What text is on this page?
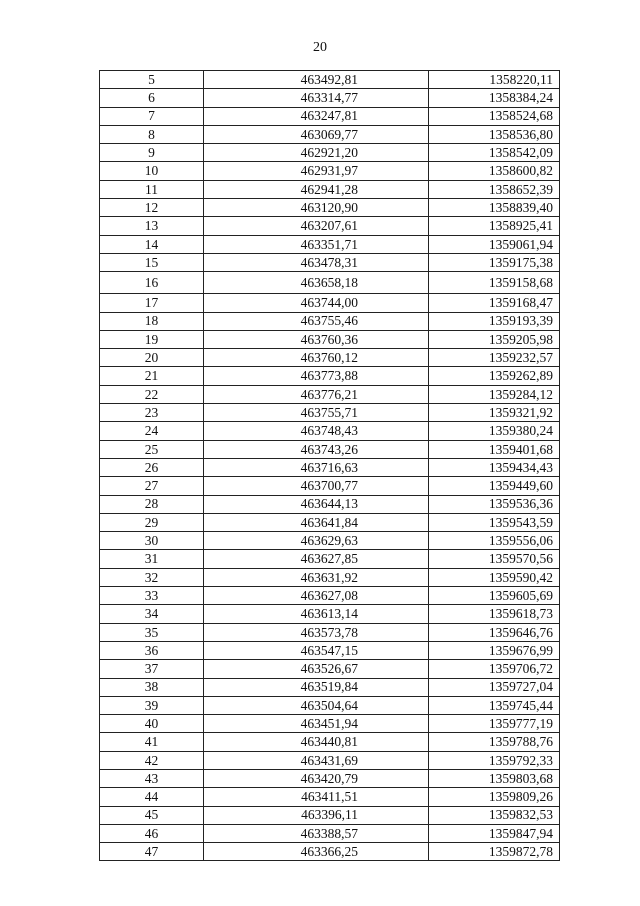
20
5	463492,81	1358220,11
6	463314,77	1358384,24
7	463247,81	1358524,68
8	463069,77	1358536,80
9	462921,20	1358542,09
10	462931,97	1358600,82
11	462941,28	1358652,39
12	463120,90	1358839,40
13	463207,61	1358925,41
14	463351,71	1359061,94
15	463478,31	1359175,38
16	463658,18	1359158,68
17	463744,00	1359168,47
18	463755,46	1359193,39
19	463760,36	1359205,98
20	463760,12	1359232,57
21	463773,88	1359262,89
22	463776,21	1359284,12
23	463755,71	1359321,92
24	463748,43	1359380,24
25	463743,26	1359401,68
26	463716,63	1359434,43
27	463700,77	1359449,60
28	463644,13	1359536,36
29	463641,84	1359543,59
30	463629,63	1359556,06
31	463627,85	1359570,56
32	463631,92	1359590,42
33	463627,08	1359605,69
34	463613,14	1359618,73
35	463573,78	1359646,76
36	463547,15	1359676,99
37	463526,67	1359706,72
38	463519,84	1359727,04
39	463504,64	1359745,44
40	463451,94	1359777,19
41	463440,81	1359788,76
42	463431,69	1359792,33
43	463420,79	1359803,68
44	463411,51	1359809,26
45	463396,11	1359832,53
46	463388,57	1359847,94
47	463366,25	1359872,78
